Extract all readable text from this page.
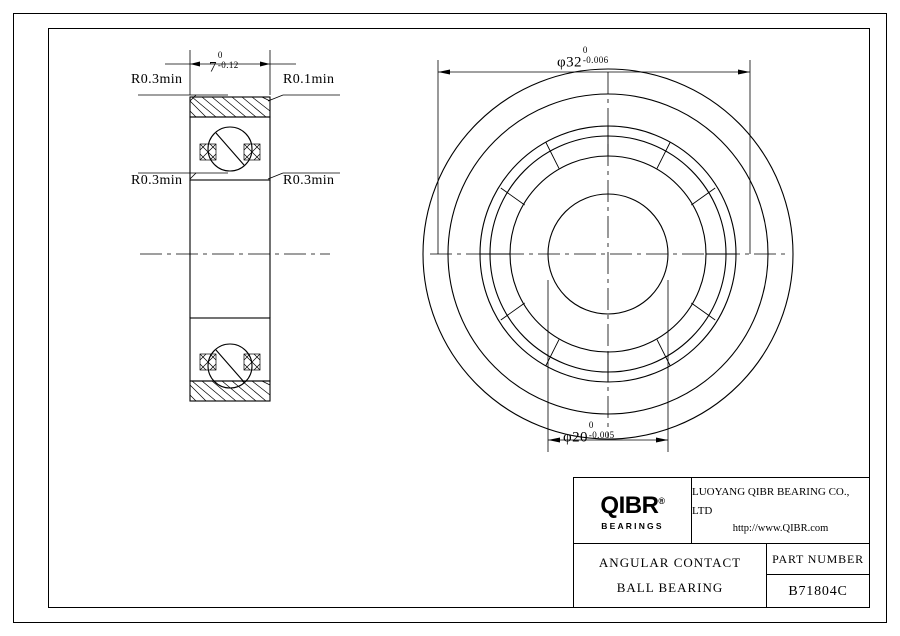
7
0
-0.12
R0.3min	R0.1min
R0.3min	R0.3min
φ32
0
-0.006
φ20
0
-0.005
QIBR®
BEARINGS
LUOYANG QIBR BEARING CO., LTD
http://www.QIBR.com
ANGULAR CONTACT
BALL BEARING
PART NUMBER
B71804C
